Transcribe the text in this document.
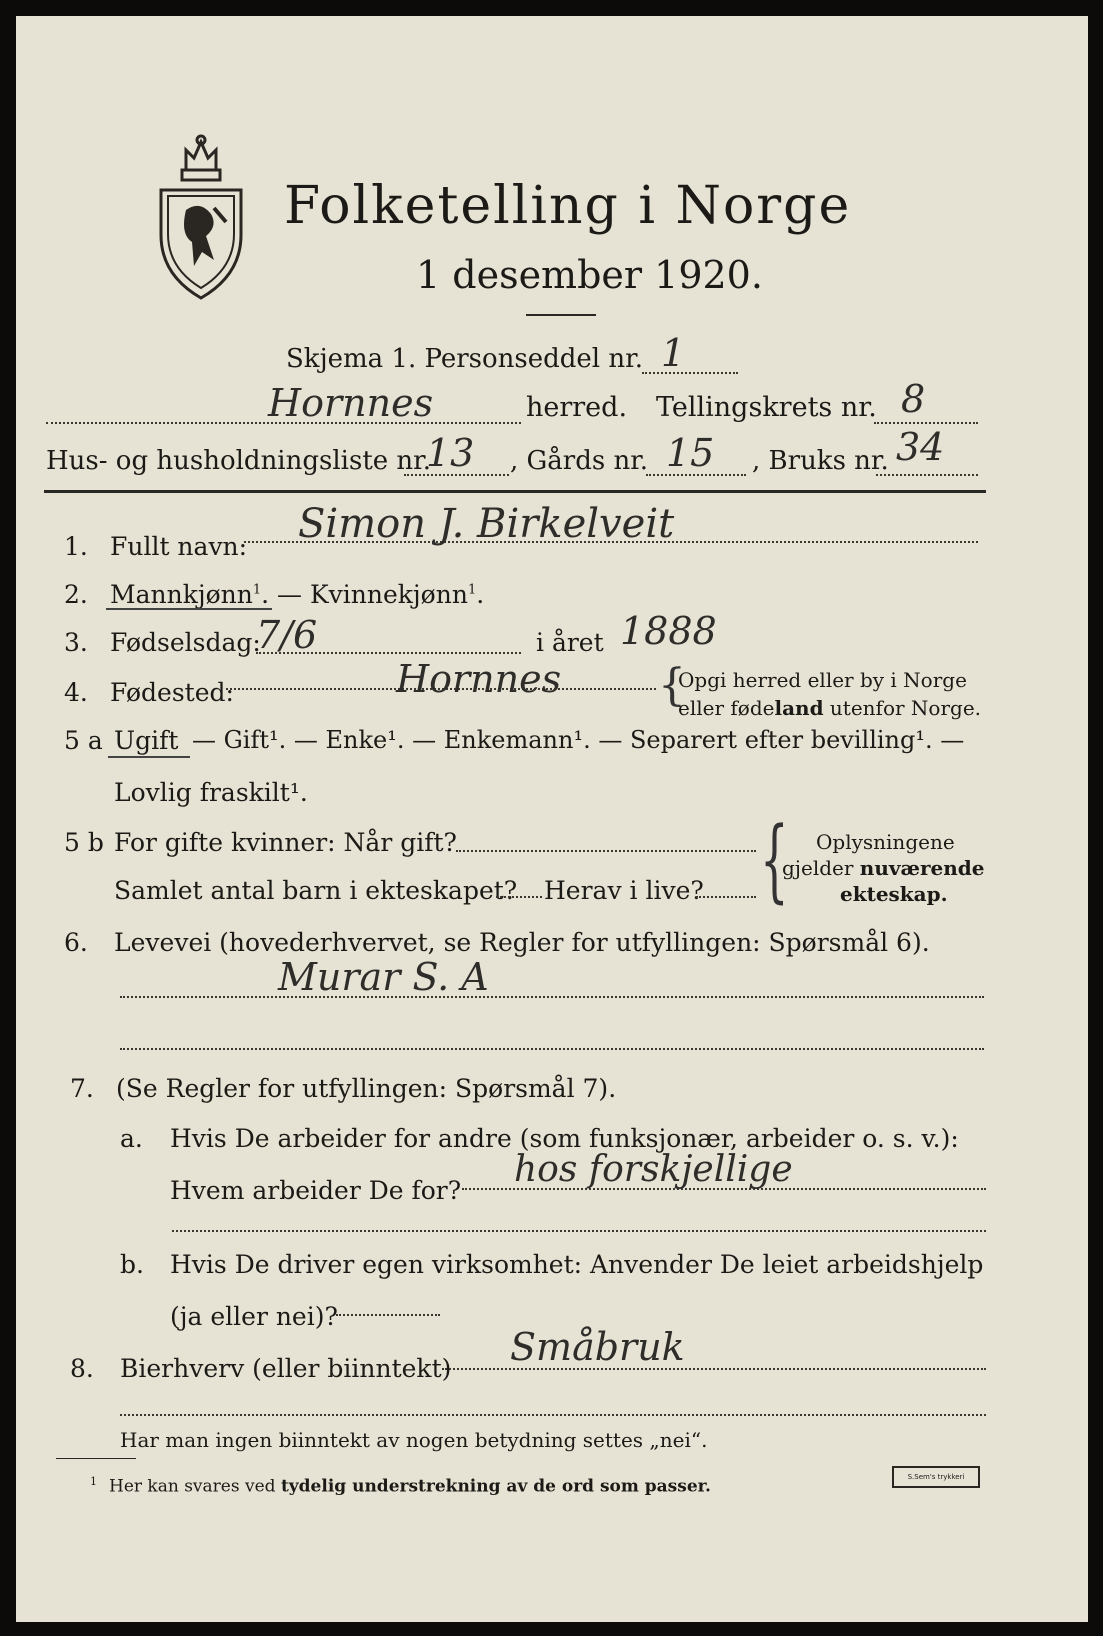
Folketelling i Norge
1 desember 1920.
Skjema 1. Personseddel nr. 1
Hornnes	herred. Tellingskrets nr. 8
Hus- og husholdningsliste nr.
13 , Gårds nr. 15 , Bruks nr. 34
1. Fullt navn: Simon J. Birkelveit
2. Mannkjønn$^1$. — Kvinnekjønn$^1$.
3. Fødselsdag:
7/6	i året 1888
4. Fødested:	Hornnes {
Opgi herred eller by i Norge
eller fødeland utenfor Norge.
5 a Ugift — Gift¹. — Enke¹. — Enkemann¹. — Separert efter bevilling¹. —
Lovlig fraskilt¹.
5 b For gifte kvinner: Når gift?
Samlet antal barn i ekteskapet? Herav i live? { Oplysningene
gjelder nuværende
ekteskap.
6. Levevei (hovederhvervet, se Regler for utfyllingen: Spørsmål 6).
Murar S. A
7. (Se Regler for utfyllingen: Spørsmål 7).
a. Hvis De arbeider for andre (som funksjonær, arbeider o. s. v.):
Hvem arbeider De for?
hos forskjellige
b. Hvis De driver egen virksomhet: Anvender De leiet arbeidshjelp
(ja eller nei)?
8. Bierhverv (eller biinntekt) Småbruk
Har man ingen biinntekt av nogen betydning settes „nei“.
$^1$ Her kan svares ved tydelig understrekning av de ord som passer.	S.Sem's trykkeri
